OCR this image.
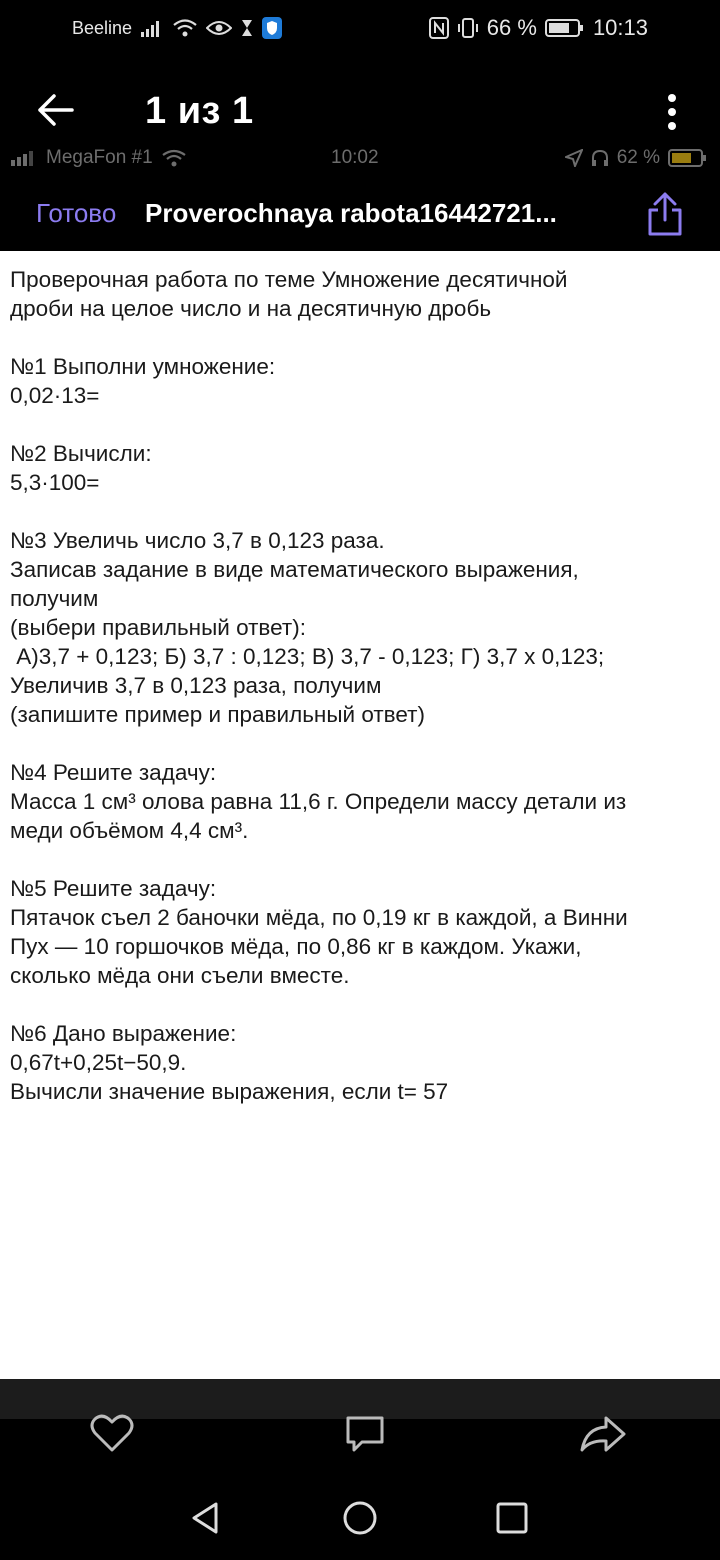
Beeline	66 %	10:13
1 из 1
MegaFon #1	10:02	62 %
Готово Proverochnaya rabota16442721...
Проверочная работа по теме Умножение десятичной
дроби на целое число и на десятичную дробь
№1 Выполни умножение:
0,02·13=
№2 Вычисли:
5,3·100=
№3 Увеличь число 3,7 в 0,123 раза.
Записав задание в виде математического выражения,
получим
(выбери правильный ответ):
А)3,7 + 0,123; Б) 3,7 : 0,123; В) 3,7 - 0,123; Г) 3,7 х 0,123;
Увеличив 3,7 в 0,123 раза, получим
(запишите пример и правильный ответ)
№4 Решите задачу:
Масса 1 см³ олова равна 11,6 г. Определи массу детали из
меди объёмом 4,4 см³.
№5 Решите задачу:
Пятачок съел 2 баночки мёда, по 0,19 кг в каждой, а Винни
Пух — 10 горшочков мёда, по 0,86 кг в каждом. Укажи,
сколько мёда они съели вместе.
№6 Дано выражение:
0,67t+0,25t−50,9.
Вычисли значение выражения, если t= 57
